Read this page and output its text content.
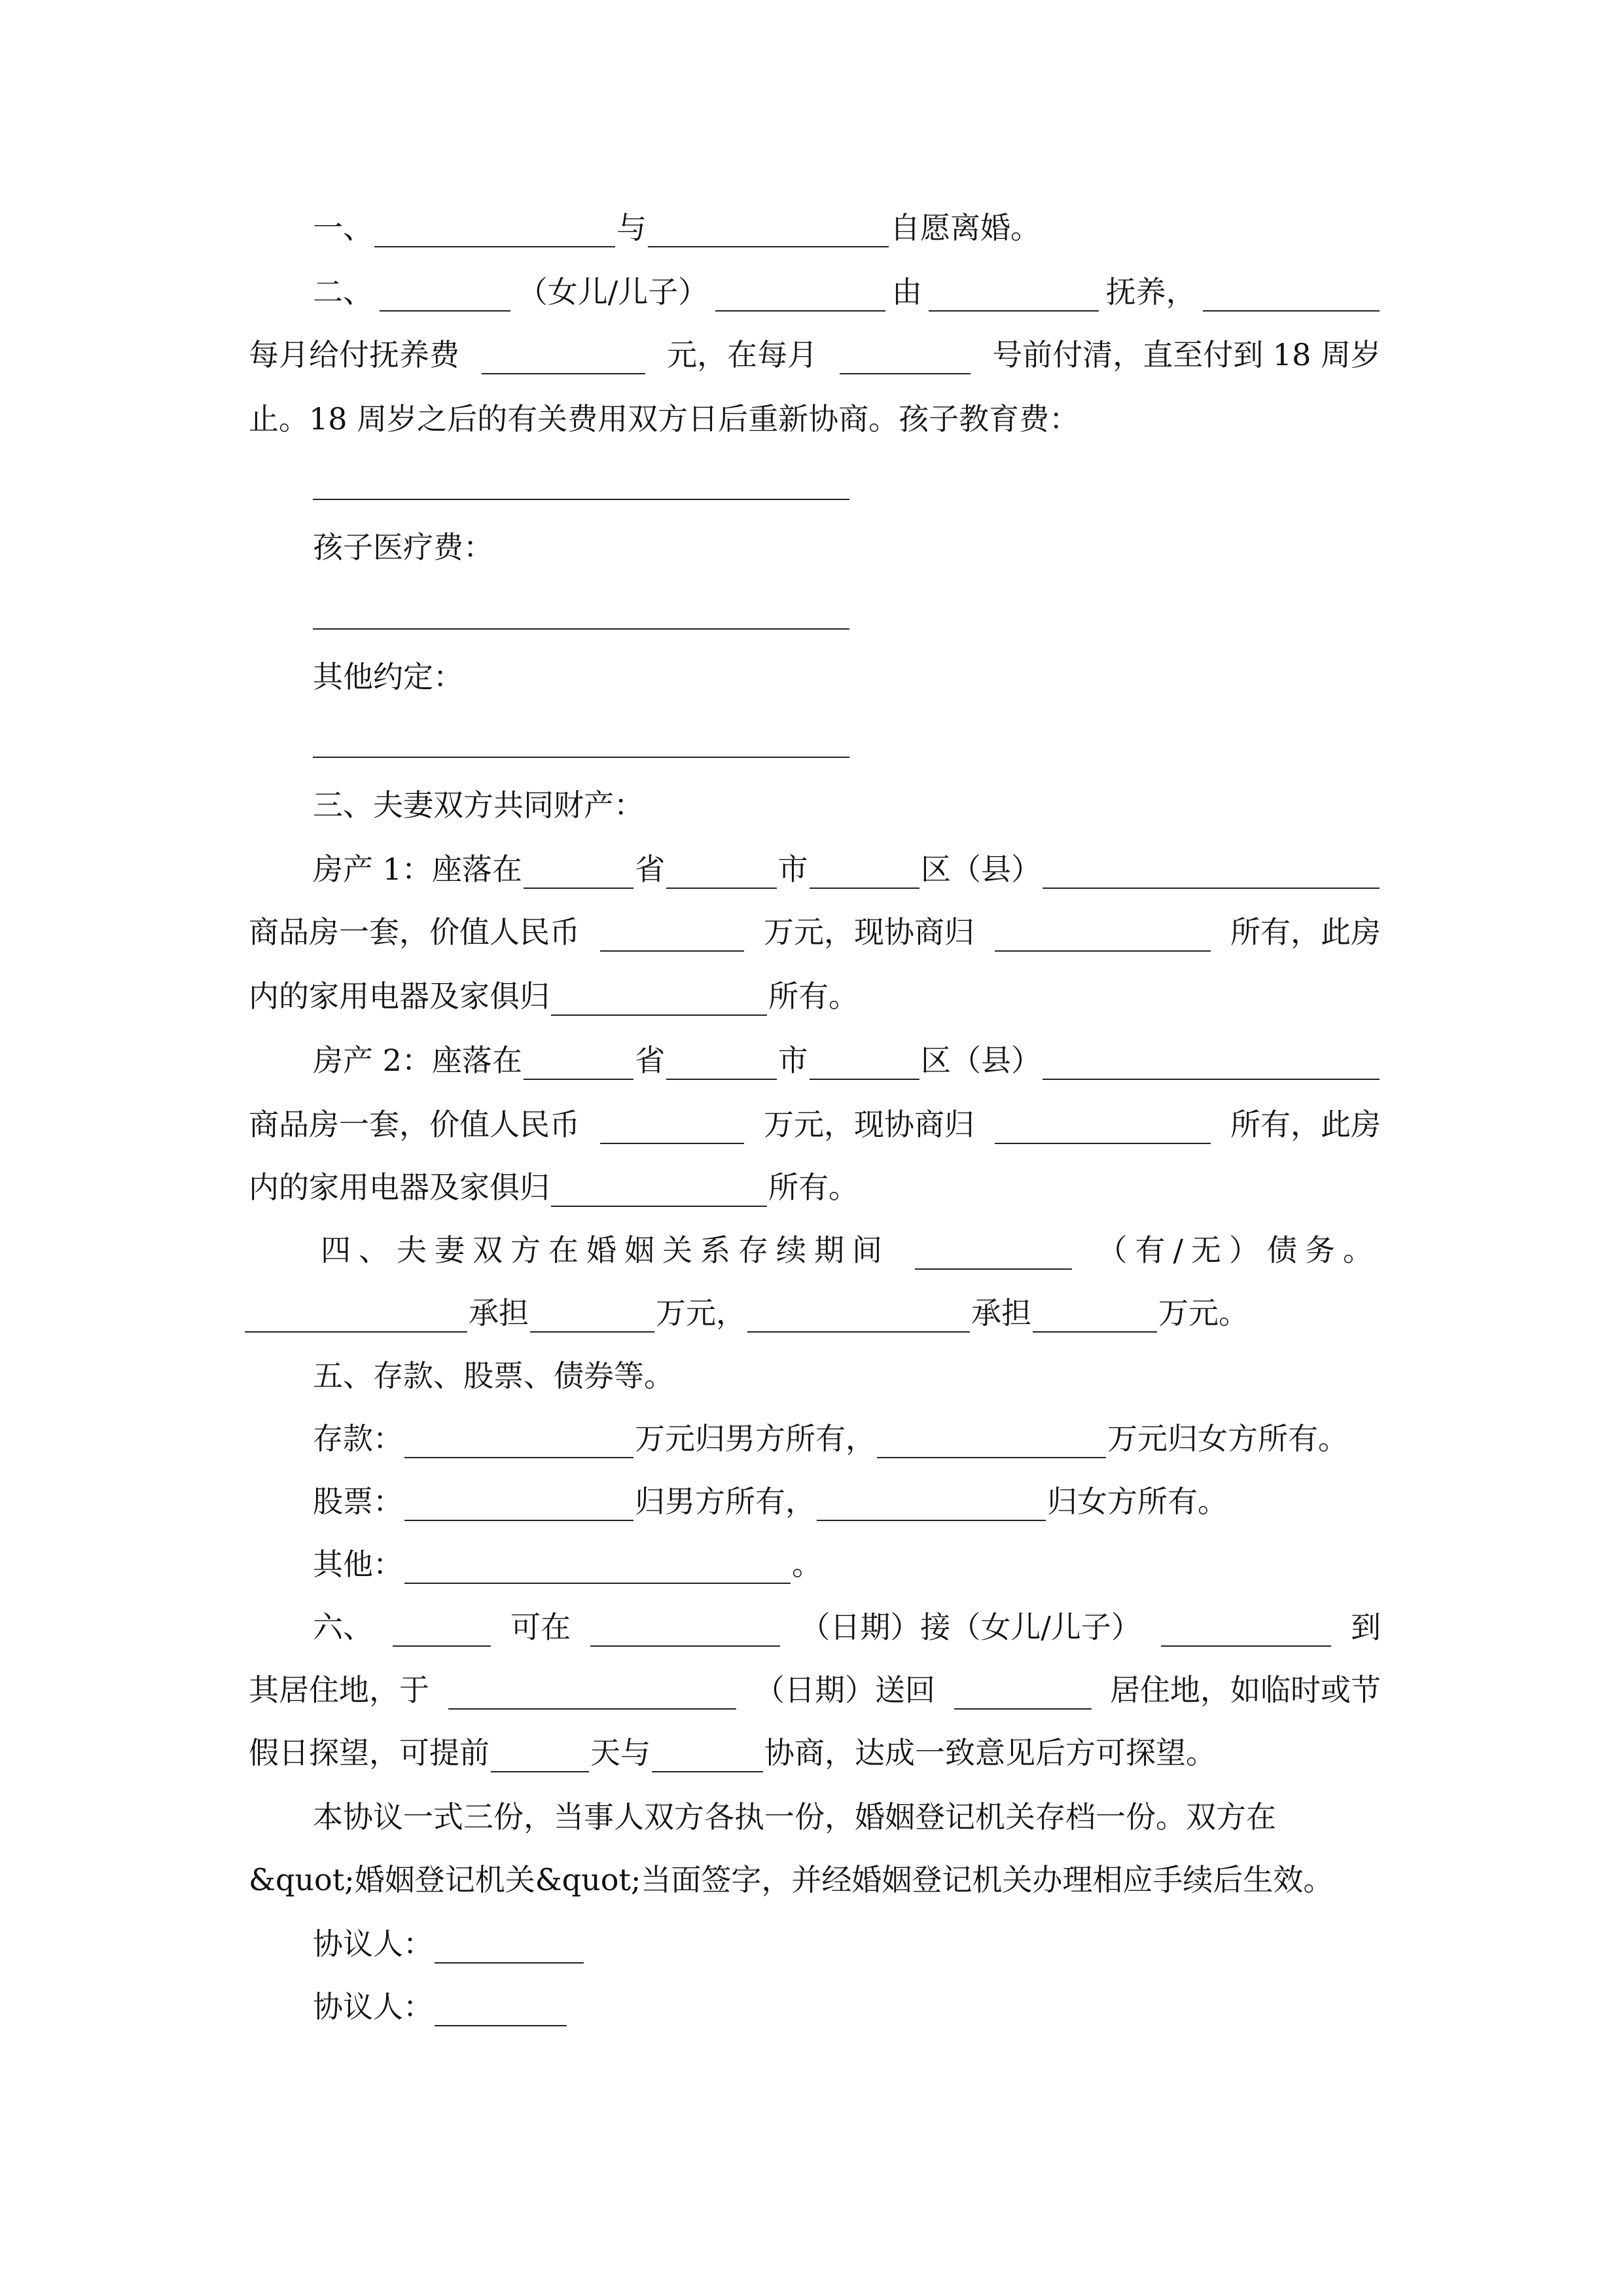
一、	与	自愿离婚。
二、	（女儿/儿子）	由	抚养，
每月给付抚养费	元，在每月	号前付清，直至付到 18 周岁
止。18 周岁之后的有关费用双方日后重新协商。孩子教育费：
孩子医疗费：
其他约定：
三、夫妻双方共同财产：
房产 1：座落在	省	市	区（县）
商品房一套，价值人民币	万元，现协商归	所有，此房
内的家用电器及家俱归	所有。
房产 2：座落在	省	市	区（县）
商品房一套，价值人民币	万元，现协商归	所有，此房
内的家用电器及家俱归	所有。
四、夫妻双方在婚姻关系存续期间	（有/无）债务。
承担	万元，	承担	万元。
五、存款、股票、债券等。
存款：	万元归男方所有，	万元归女方所有。
股票：	归男方所有，	归女方所有。
其他：	。
六、	可在	（日期）接（女儿/儿子）	到
其居住地，于	（日期）送回	居住地，如临时或节
假日探望，可提前	天与	协商，达成一致意见后方可探望。
本协议一式三份，当事人双方各执一份，婚姻登记机关存档一份。双方在
&quot;婚姻登记机关&quot;当面签字，并经婚姻登记机关办理相应手续后生效。
协议人：
协议人：
